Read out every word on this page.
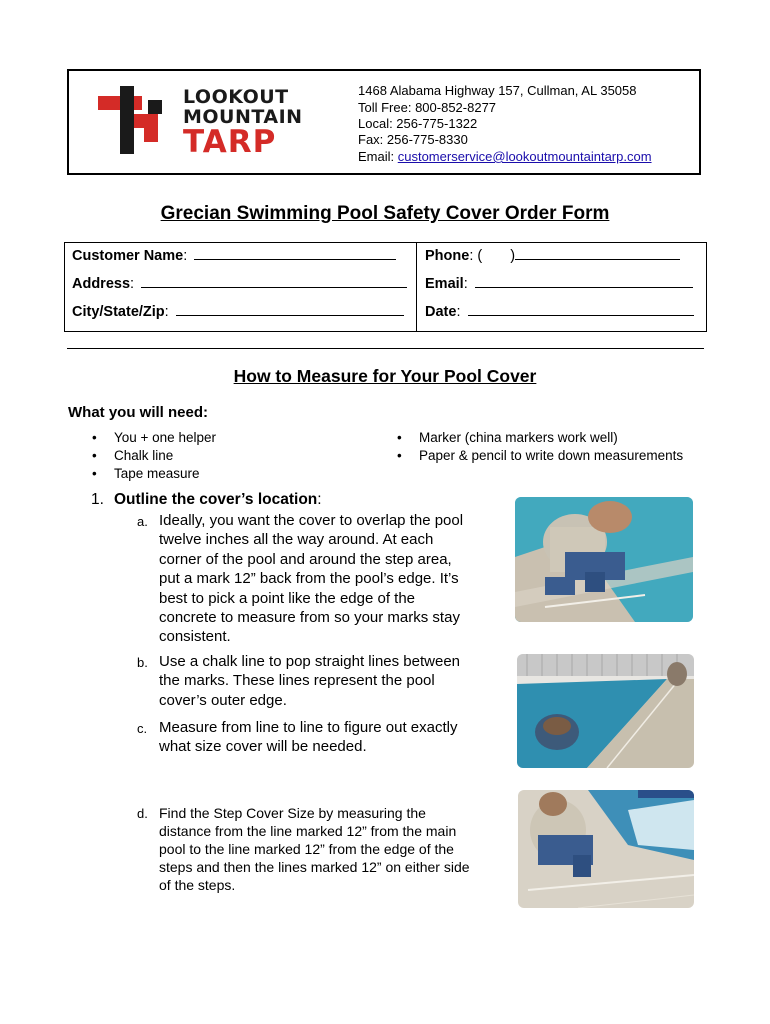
LOOKOUT
MOUNTAIN
TARP
1468 Alabama Highway 157, Cullman, AL 35058
Toll Free: 800-852-8277
Local: 256-775-1322
Fax: 256-775-8330
Email: customerservice@lookoutmountaintarp.com
Grecian Swimming Pool Safety Cover Order Form
Customer Name:
Address:
City/State/Zip:
Phone: ( )
Email:
Date:
How to Measure for Your Pool Cover
What you will need:
• You + one helper
• Chalk line
• Tape measure
• Marker (china markers work well)
• Paper & pencil to write down measurements
1. Outline the cover’s location:
a. Ideally, you want the cover to overlap the pool
twelve inches all the way around. At each
corner of the pool and around the step area,
put a mark 12” back from the pool’s edge. It’s
best to pick a point like the edge of the
concrete to measure from so your marks stay
consistent.
b. Use a chalk line to pop straight lines between
the marks. These lines represent the pool
cover’s outer edge.
c. Measure from line to line to figure out exactly
what size cover will be needed.
d. Find the Step Cover Size by measuring the
distance from the line marked 12” from the main
pool to the line marked 12” from the edge of the
steps and then the lines marked 12” on either side
of the steps.
